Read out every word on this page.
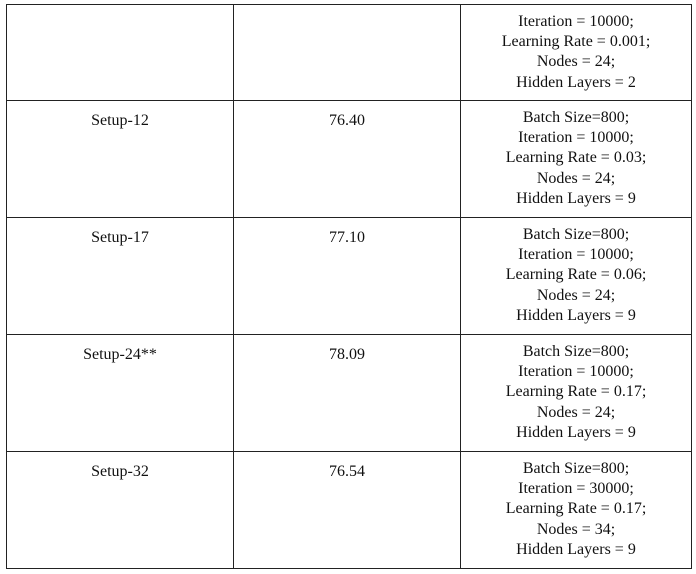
		Iteration = 10000;
Learning Rate = 0.001;
Nodes = 24;
Hidden Layers = 2

Setup-12	76.40	Batch Size=800;
Iteration = 10000;
Learning Rate = 0.03;
Nodes = 24;
Hidden Layers = 9

Setup-17	77.10	Batch Size=800;
Iteration = 10000;
Learning Rate = 0.06;
Nodes = 24;
Hidden Layers = 9

Setup-24**	78.09	Batch Size=800;
Iteration = 10000;
Learning Rate = 0.17;
Nodes = 24;
Hidden Layers = 9

Setup-32	76.54	Batch Size=800;
Iteration = 30000;
Learning Rate = 0.17;
Nodes = 34;
Hidden Layers = 9
